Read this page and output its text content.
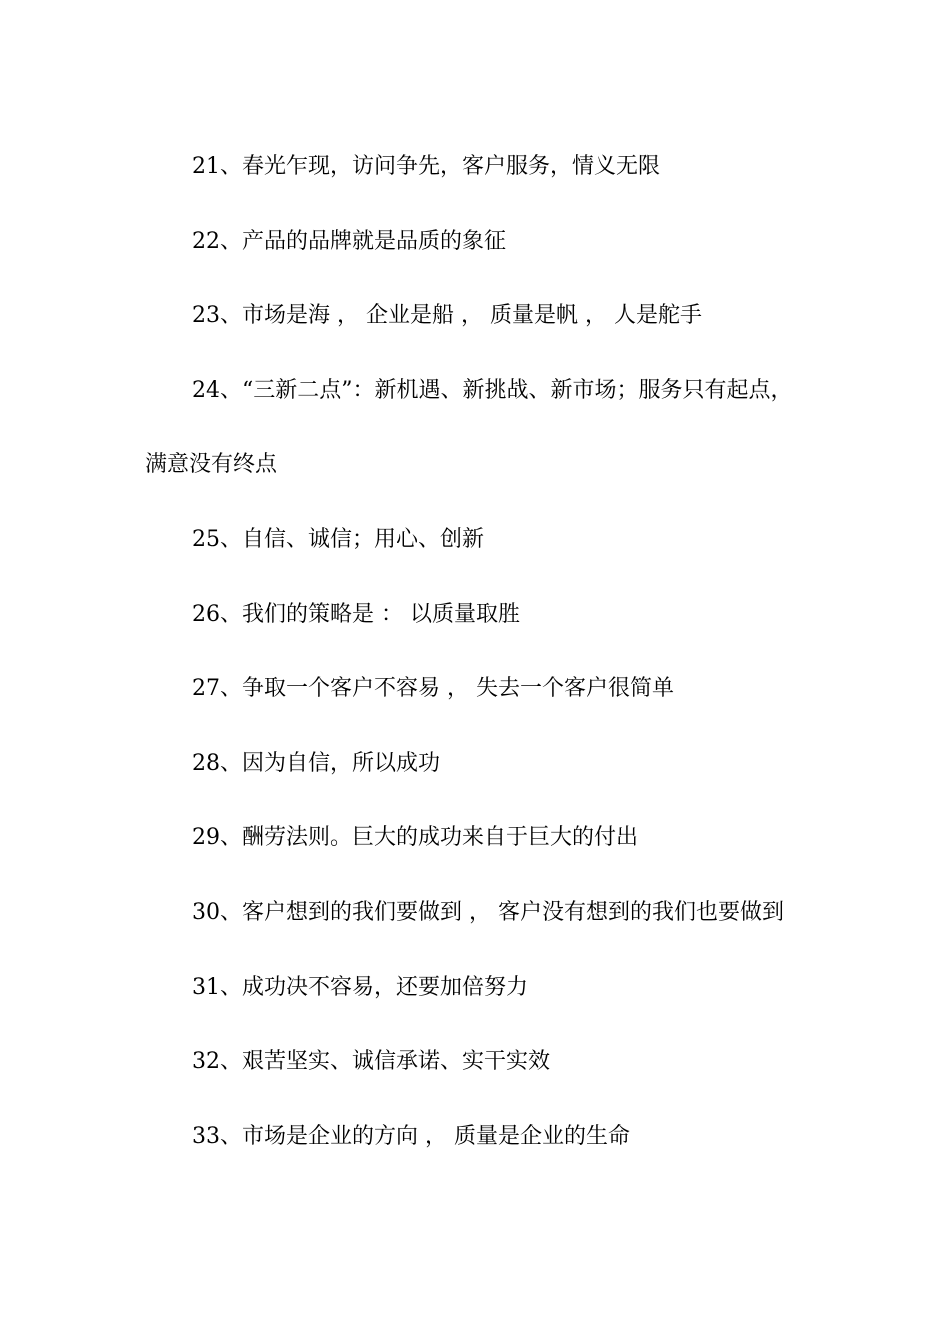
21、春光乍现，访问争先，客户服务，情义无限

22、产品的品牌就是品质的象征

23、市场是海 ， 企业是船 ， 质量是帆 ， 人是舵手

24、“三新二点”：新机遇、新挑战、新市场；服务只有起点，满意没有终点

25、自信、诚信；用心、创新

26、我们的策略是 ： 以质量取胜

27、争取一个客户不容易 ， 失去一个客户很简单

28、因为自信，所以成功

29、酬劳法则。巨大的成功来自于巨大的付出

30、客户想到的我们要做到 ， 客户没有想到的我们也要做到

31、成功决不容易，还要加倍努力

32、艰苦坚实、诚信承诺、实干实效

33、市场是企业的方向 ， 质量是企业的生命
